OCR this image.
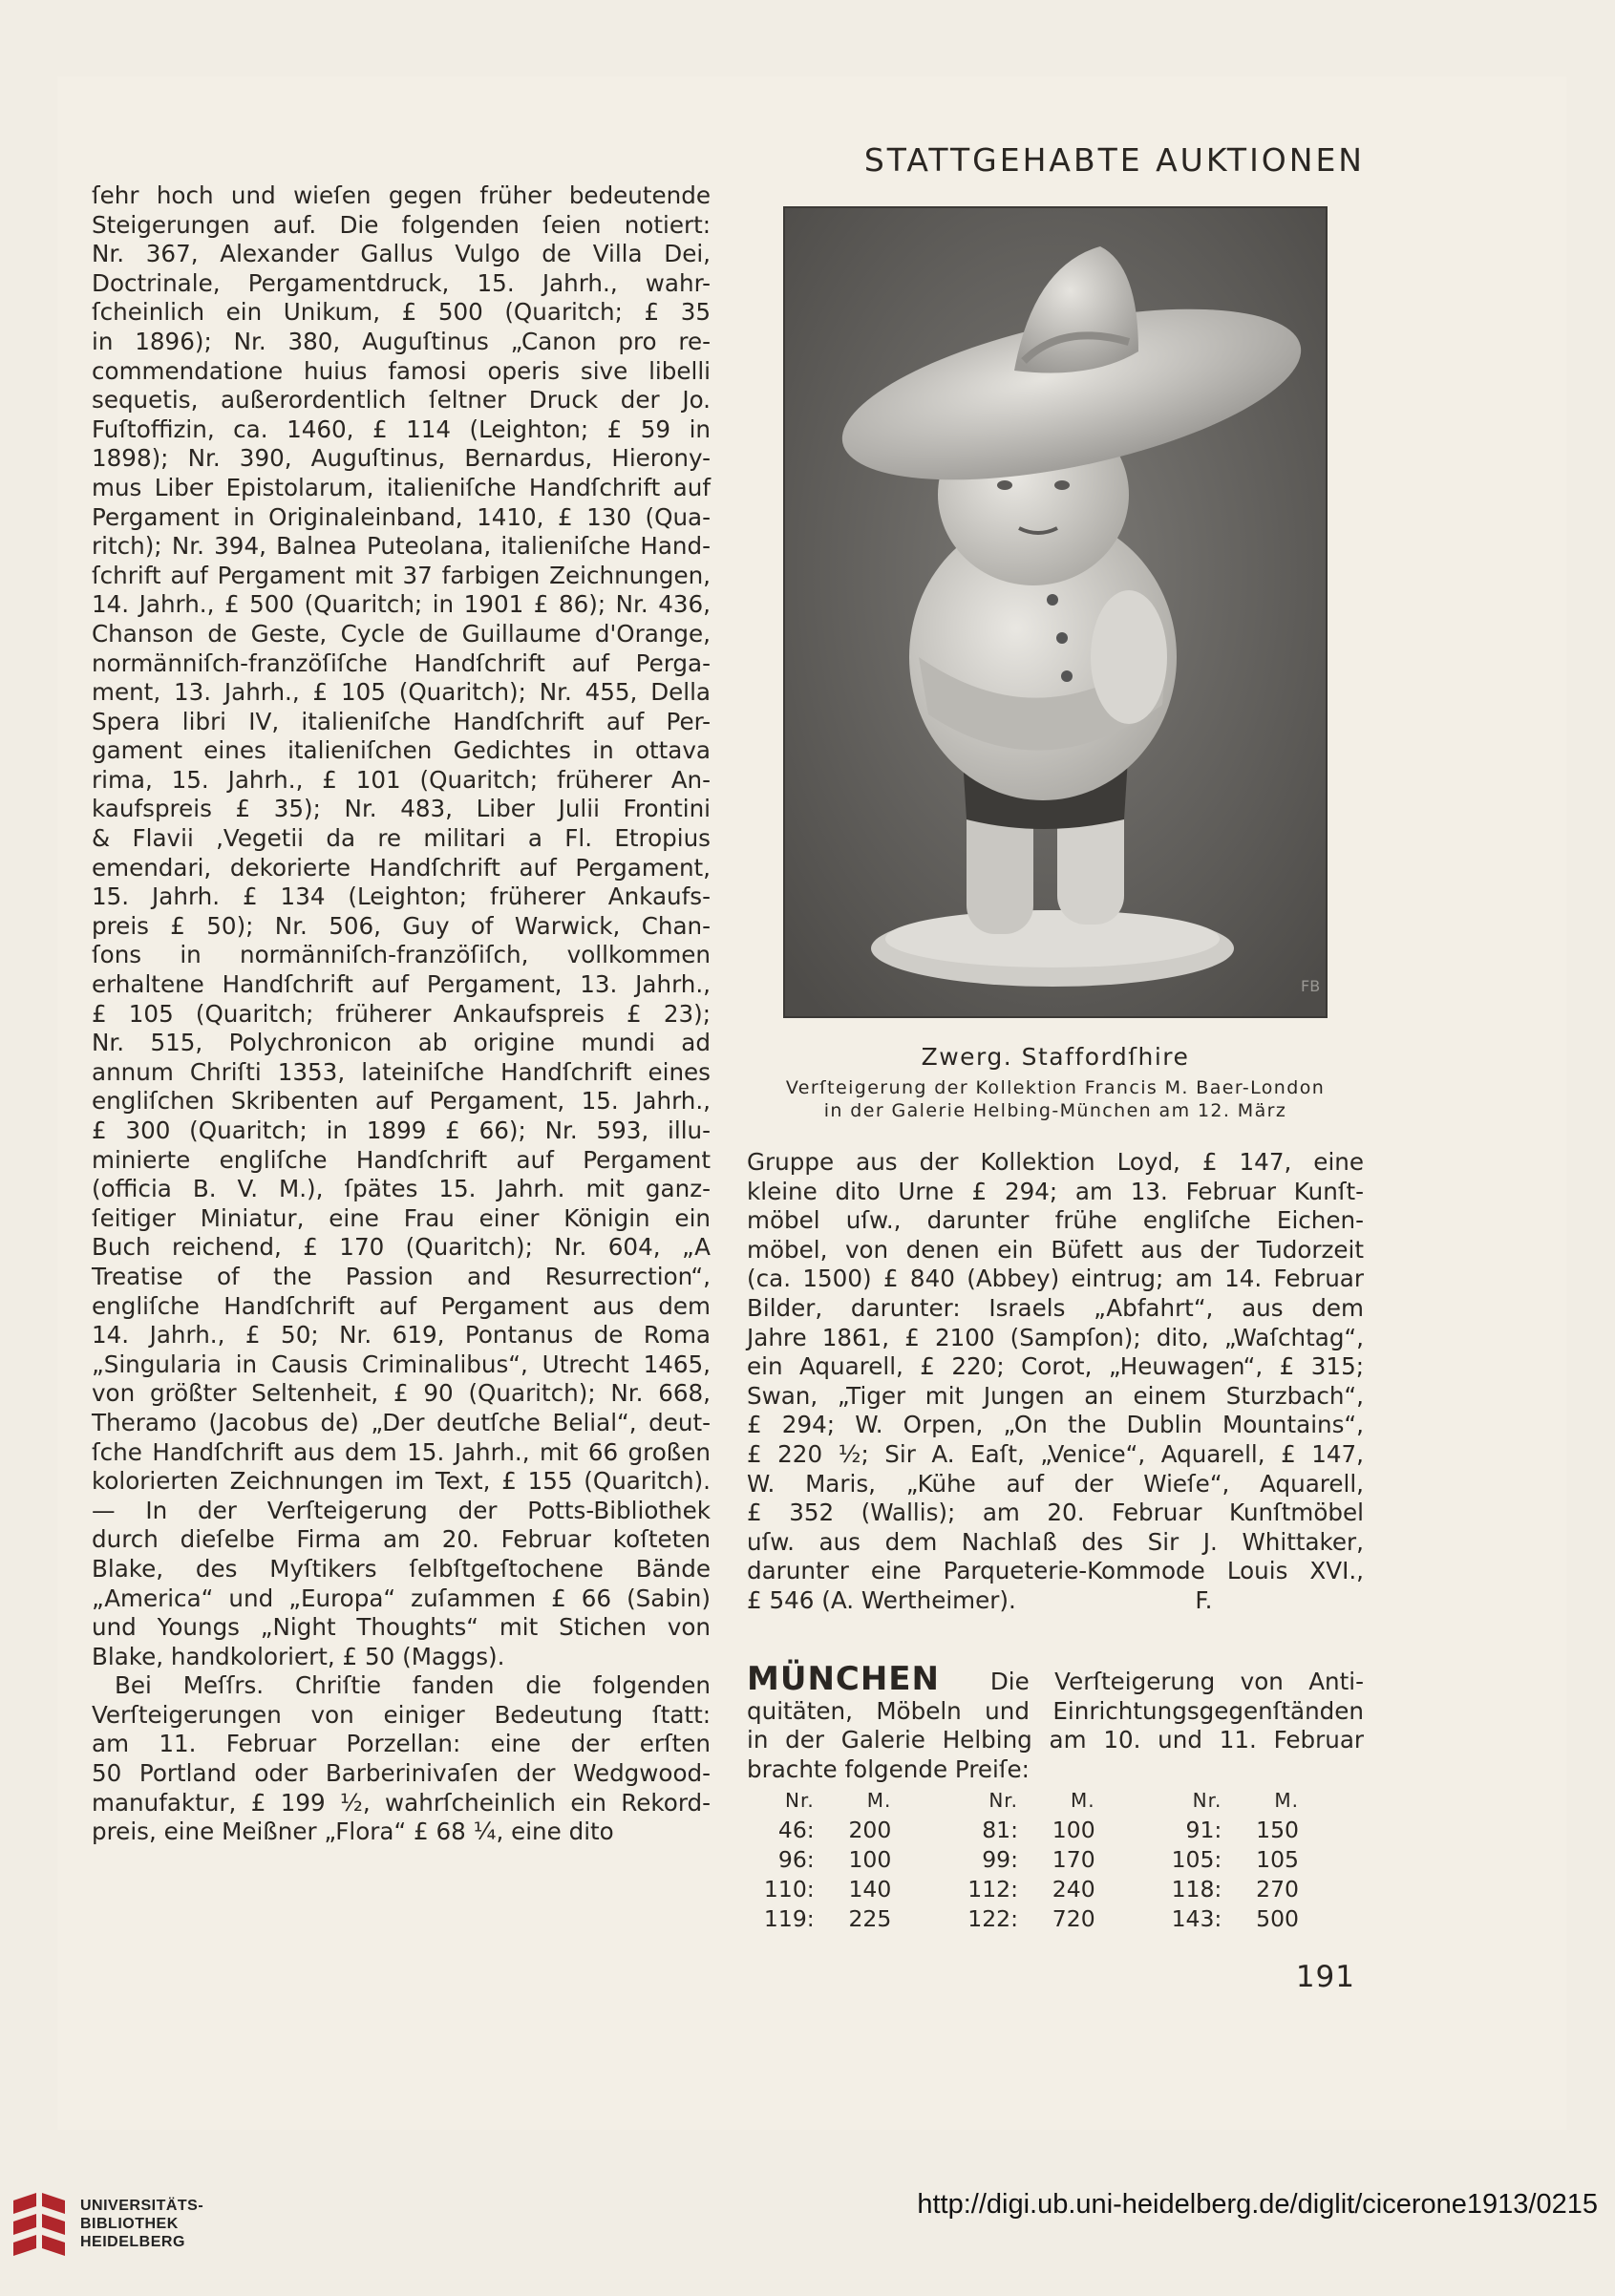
STATTGEHABTE AUKTIONEN
ſehr hoch und wieſen gegen früher bedeutende
Steigerungen auf. Die folgenden ſeien notiert:
Nr. 367, Alexander Gallus Vulgo de Villa Dei,
Doctrinale, Pergamentdruck, 15. Jahrh., wahr-
ſcheinlich ein Unikum, £ 500 (Quaritch; £ 35
in 1896); Nr. 380, Auguſtinus „Canon pro re-
commendatione huius famosi operis sive libelli
sequetis, außerordentlich ſeltner Druck der Jo.
Fuſtoffizin, ca. 1460, £ 114 (Leighton; £ 59 in
1898); Nr. 390, Auguſtinus, Bernardus, Hierony-
mus Liber Epistolarum, italieniſche Handſchrift auf
Pergament in Originaleinband, 1410, £ 130 (Qua-
ritch); Nr. 394, Balnea Puteolana, italieniſche Hand-
ſchrift auf Pergament mit 37 farbigen Zeichnungen,
14. Jahrh., £ 500 (Quaritch; in 1901 £ 86); Nr. 436,
Chanson de Geste, Cycle de Guillaume d'Orange,
normänniſch-franzöſiſche Handſchrift auf Perga-
ment, 13. Jahrh., £ 105 (Quaritch); Nr. 455, Della
Spera libri IV, italieniſche Handſchrift auf Per-
gament eines italieniſchen Gedichtes in ottava
rima, 15. Jahrh., £ 101 (Quaritch; früherer An-
kaufspreis £ 35); Nr. 483, Liber Julii Frontini
& Flavii ,Vegetii da re militari a Fl. Etropius
emendari, dekorierte Handſchrift auf Pergament,
15. Jahrh. £ 134 (Leighton; früherer Ankaufs-
preis £ 50); Nr. 506, Guy of Warwick, Chan-
ſons in normänniſch-franzöſiſch, vollkommen
erhaltene Handſchrift auf Pergament, 13. Jahrh.,
£ 105 (Quaritch; früherer Ankaufspreis £ 23);
Nr. 515, Polychronicon ab origine mundi ad
annum Chriſti 1353, lateiniſche Handſchrift eines
engliſchen Skribenten auf Pergament, 15. Jahrh.,
£ 300 (Quaritch; in 1899 £ 66); Nr. 593, illu-
minierte engliſche Handſchrift auf Pergament
(officia B. V. M.), ſpätes 15. Jahrh. mit ganz-
ſeitiger Miniatur, eine Frau einer Königin ein
Buch reichend, £ 170 (Quaritch); Nr. 604, „A
Treatise of the Passion and Resurrection“,
engliſche Handſchrift auf Pergament aus dem
14. Jahrh., £ 50; Nr. 619, Pontanus de Roma
„Singularia in Causis Criminalibus“, Utrecht 1465,
von größter Seltenheit, £ 90 (Quaritch); Nr. 668,
Theramo (Jacobus de) „Der deutſche Belial“, deut-
ſche Handſchrift aus dem 15. Jahrh., mit 66 großen
kolorierten Zeichnungen im Text, £ 155 (Quaritch).
— In der Verſteigerung der Potts-Bibliothek
durch dieſelbe Firma am 20. Februar koſteten
Blake, des Myſtikers ſelbſtgeſtochene Bände
„America“ und „Europa“ zuſammen £ 66 (Sabin)
und Youngs „Night Thoughts“ mit Stichen von
Blake, handkoloriert, £ 50 (Maggs).
Bei Meſſrs. Chriſtie fanden die folgenden
Verſteigerungen von einiger Bedeutung ſtatt:
am 11. Februar Porzellan: eine der erſten
50 Portland oder Barberinivaſen der Wedgwood-
manufaktur, £ 199 ½, wahrſcheinlich ein Rekord-
preis, eine Meißner „Flora“ £ 68 ¼, eine dito
FB
Zwerg. Staffordſhire
Verſteigerung der Kollektion Francis M. Baer-London
in der Galerie Helbing-München am 12. März
Gruppe aus der Kollektion Loyd, £ 147, eine
kleine dito Urne £ 294; am 13. Februar Kunſt-
möbel uſw., darunter frühe engliſche Eichen-
möbel, von denen ein Büfett aus der Tudorzeit
(ca. 1500) £ 840 (Abbey) eintrug; am 14. Februar
Bilder, darunter: Israels „Abfahrt“, aus dem
Jahre 1861, £ 2100 (Sampſon); dito, „Waſchtag“,
ein Aquarell, £ 220; Corot, „Heuwagen“, £ 315;
Swan, „Tiger mit Jungen an einem Sturzbach“,
£ 294; W. Orpen, „On the Dublin Mountains“,
£ 220 ½; Sir A. Eaſt, „Venice“, Aquarell, £ 147,
W. Maris, „Kühe auf der Wieſe“, Aquarell,
£ 352 (Wallis); am 20. Februar Kunſtmöbel
uſw. aus dem Nachlaß des Sir J. Whittaker,
darunter eine Parqueterie-Kommode Louis XVI.,
£ 546 (A. Wertheimer).                        F.
MÜNCHEN Die Verſteigerung von Anti-
quitäten, Möbeln und Einrichtungsgegenſtänden
in der Galerie Helbing am 10. und 11. Februar
brachte folgende Preiſe:
Nr.	M.	Nr.	M.	Nr.	M.
46:	200	81:	100	91:	150
96:	100	99:	170	105:	105
110:	140	112:	240	118:	270
119:	225	122:	720	143:	500
191
UNIVERSITÄTS-
BIBLIOTHEK
HEIDELBERG
http://digi.ub.uni-heidelberg.de/diglit/cicerone1913/0215
